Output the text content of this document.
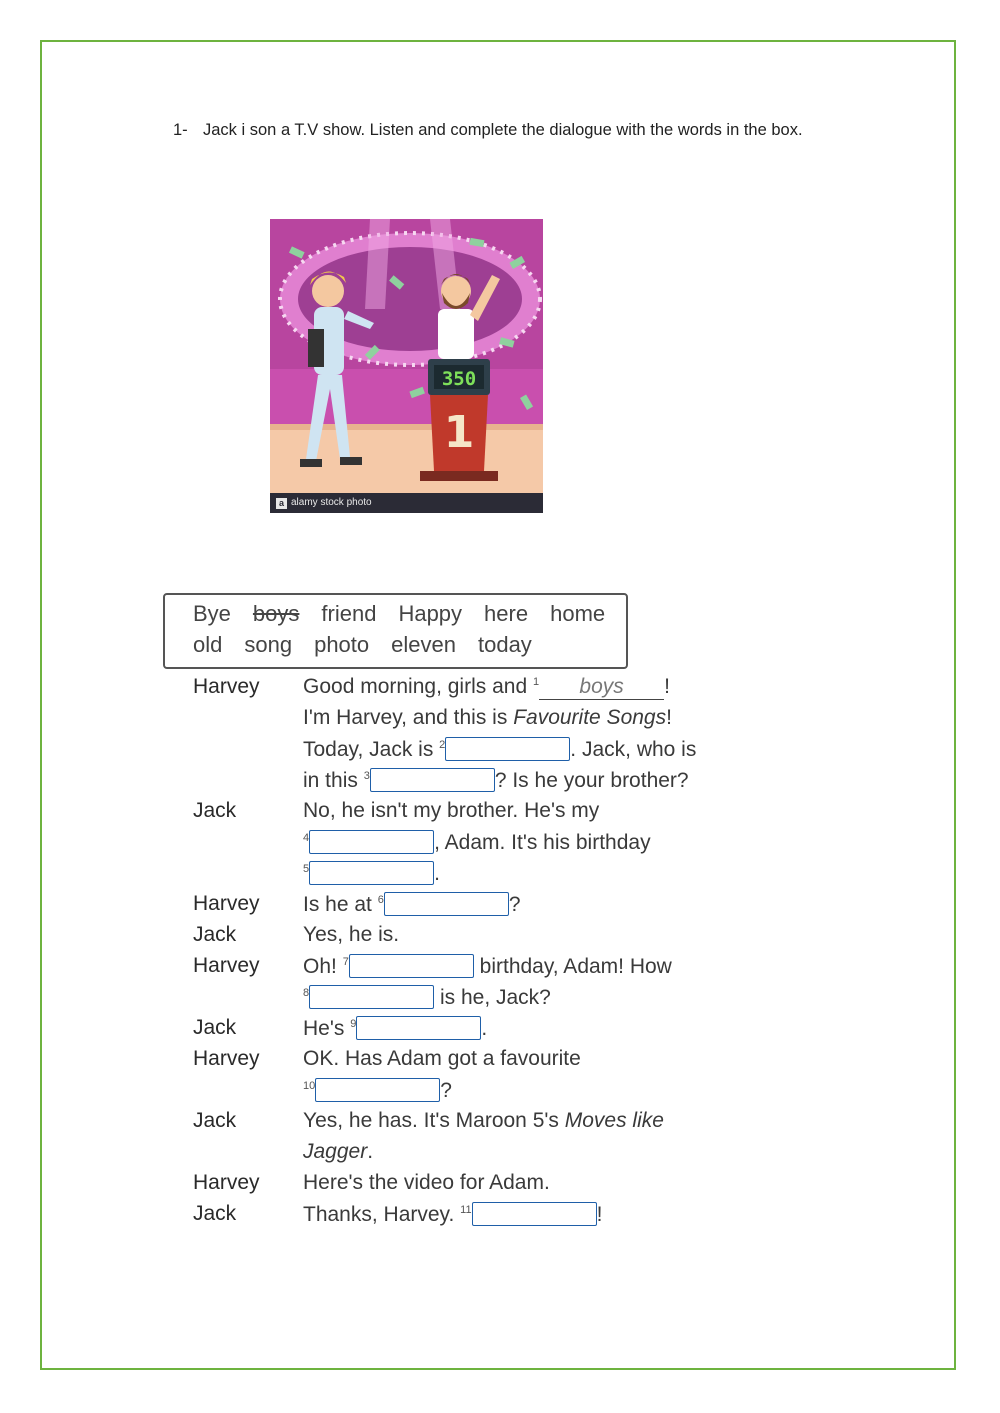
1- Jack i son a T.V show. Listen and complete the dialogue with the words in the box.
350
1
a alamy stock photo
Bye boys friend Happy here home
old song photo eleven today
Harvey Good morning, girls and $^1$ boys !
I'm Harvey, and this is Favourite Songs!
Today, Jack is $^2$	. Jack, who is
in this $^3$	? Is he your brother?
Jack	No, he isn't my brother. He's my
$^4$	, Adam. It's his birthday
$^5$	.
Harvey Is he at $^6$	?
Jack	Yes, he is.
Harvey Oh! $^7$	birthday, Adam! How
$^8$	is he, Jack?
Jack	He's $^9$	.
Harvey OK. Has Adam got a favourite
$^{10}$	?
Jack	Yes, he has. It's Maroon 5's Moves like
Jagger.
Harvey Here's the video for Adam.
Jack	Thanks, Harvey. $^{11}$	!
